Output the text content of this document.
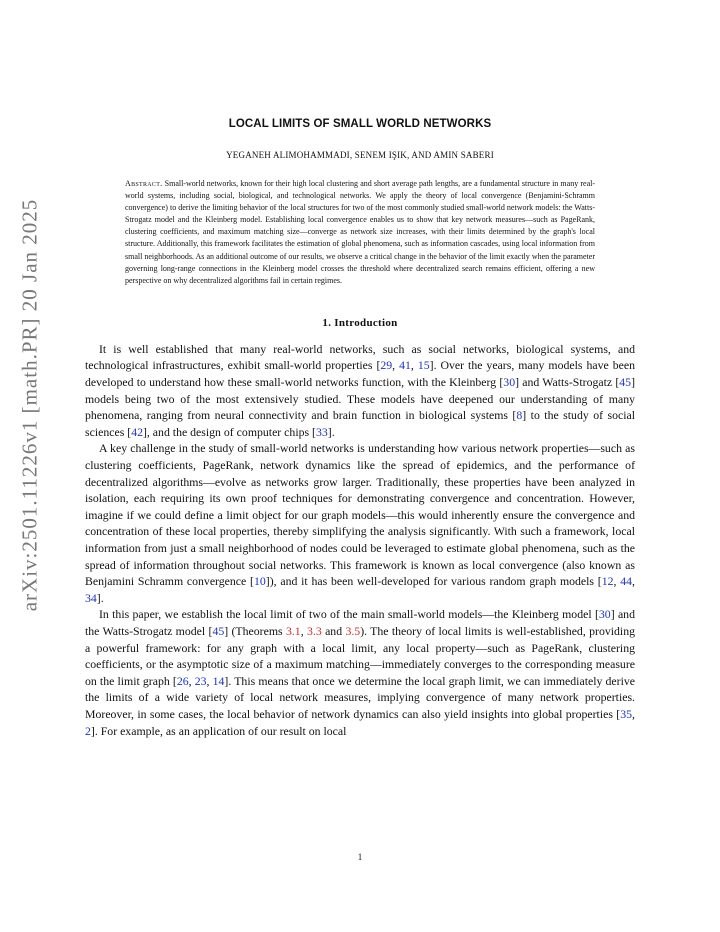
arXiv:2501.11226v1 [math.PR] 20 Jan 2025
LOCAL LIMITS OF SMALL WORLD NETWORKS
YEGANEH ALIMOHAMMADI, SENEM IŞIK, AND AMIN SABERI
Abstract. Small-world networks, known for their high local clustering and short average path lengths, are a fundamental structure in many real-world systems, including social, biological, and technological networks. We apply the theory of local convergence (Benjamini-Schramm convergence) to derive the limiting behavior of the local structures for two of the most commonly studied small-world network models: the Watts-Strogatz model and the Kleinberg model. Establishing local convergence enables us to show that key network measures—such as PageRank, clustering coefficients, and maximum matching size—converge as network size increases, with their limits determined by the graph's local structure. Additionally, this framework facilitates the estimation of global phenomena, such as information cascades, using local information from small neighborhoods. As an additional outcome of our results, we observe a critical change in the behavior of the limit exactly when the parameter governing long-range connections in the Kleinberg model crosses the threshold where decentralized search remains efficient, offering a new perspective on why decentralized algorithms fail in certain regimes.
1. Introduction

It is well established that many real-world networks, such as social networks, biological systems, and technological infrastructures, exhibit small-world properties [29, 41, 15]. Over the years, many models have been developed to understand how these small-world networks function, with the Kleinberg [30] and Watts-Strogatz [45] models being two of the most extensively studied. These models have deepened our understanding of many phenomena, ranging from neural connectivity and brain function in biological systems [8] to the study of social sciences [42], and the design of computer chips [33].

A key challenge in the study of small-world networks is understanding how various network properties—such as clustering coefficients, PageRank, network dynamics like the spread of epidemics, and the performance of decentralized algorithms—evolve as networks grow larger. Traditionally, these properties have been analyzed in isolation, each requiring its own proof techniques for demonstrating convergence and concentration. However, imagine if we could define a limit object for our graph models—this would inherently ensure the convergence and concentration of these local properties, thereby simplifying the analysis significantly. With such a framework, local information from just a small neighborhood of nodes could be leveraged to estimate global phenomena, such as the spread of information throughout social networks. This framework is known as local convergence (also known as Benjamini Schramm convergence [10]), and it has been well-developed for various random graph models [12, 44, 34].

In this paper, we establish the local limit of two of the main small-world models—the Kleinberg model [30] and the Watts-Strogatz model [45] (Theorems 3.1, 3.3 and 3.5). The theory of local limits is well-established, providing a powerful framework: for any graph with a local limit, any local property—such as PageRank, clustering coefficients, or the asymptotic size of a maximum matching—immediately converges to the corresponding measure on the limit graph [26, 23, 14]. This means that once we determine the local graph limit, we can immediately derive the limits of a wide variety of local network measures, implying convergence of many network properties. Moreover, in some cases, the local behavior of network dynamics can also yield insights into global properties [35, 2]. For example, as an application of our result on local

1
